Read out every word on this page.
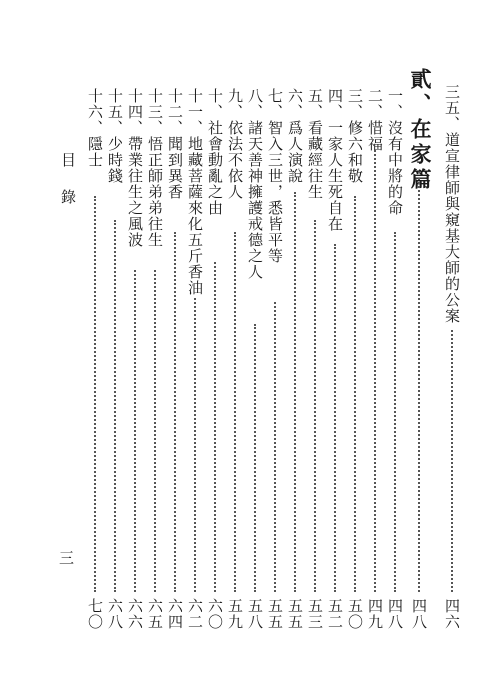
三五、道宣律師與窺基大師的公案
四六
貳、在家篇
四八
一、沒有中將的命
四八
二、惜福
四九
三、修六和敬
五〇
四、一家人生死自在
五二
五、看藏經往生
五三
六、爲人演說
五五
七、智入三世，悉皆平等
五五
八、諸天善神擁護戒德之人
五八
九、依法不依人
五九
十、社會動亂之由
六〇
十一、地藏菩薩來化五斤香油
六二
十二、聞到異香
六四
十三、悟正師弟弟往生
六五
十四、帶業往生之風波
六六
十五、少時錢
六八
十六、隱士
七〇
目錄
三
